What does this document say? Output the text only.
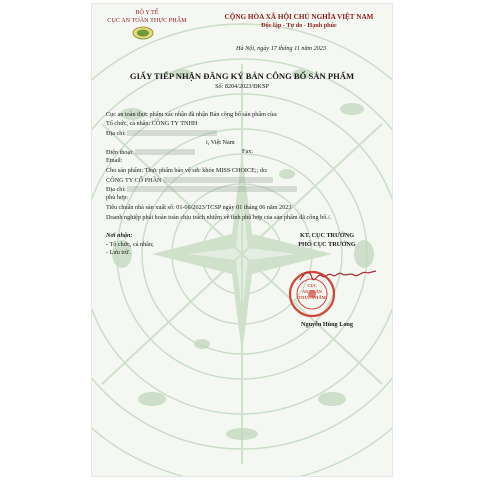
BỘ Y TẾ
CỤC AN TOÀN THỰC PHẨM	CỘNG HÒA XÃ HỘI CHỦ NGHĨA VIỆT NAM
Độc lập - Tự do - Hạnh phúc
Hà Nội, ngày 17 tháng 11 năm 2023
GIẤY TIẾP NHẬN ĐĂNG KÝ BẢN CÔNG BỐ SẢN PHẨM
Số: 8204/2023/ĐKSP
Cục an toàn thực phẩm xác nhận đã nhận Bản công bố sản phẩm của:
Tổ chức, cá nhân: CÔNG TY TNHH
Địa chỉ:
i, Việt Nam
Điện thoại:	Fax:
Email:
Cho sản phẩm: Thực phẩm bảo vệ sức khỏe MISS CHOICE;; do:
CÔNG TY CỔ PHẦN
Địa chỉ:
phù hợp:
Tiêu chuẩn nhà sản xuất số: 01-06/2023/TCSP ngày 01 tháng 06 năm 2023
Doanh nghiệp phải hoàn toàn chịu trách nhiệm về tính phù hợp của sản phẩm đã công bố./.
Nơi nhận:
- Tổ chức, cá nhân;
- Lưu trữ.
KT. CỤC TRƯỞNG
PHÓ CỤC TRƯỞNG
CỤC
AN TOÀN
THỰC PHẨM
Nguyễn Hùng Long
